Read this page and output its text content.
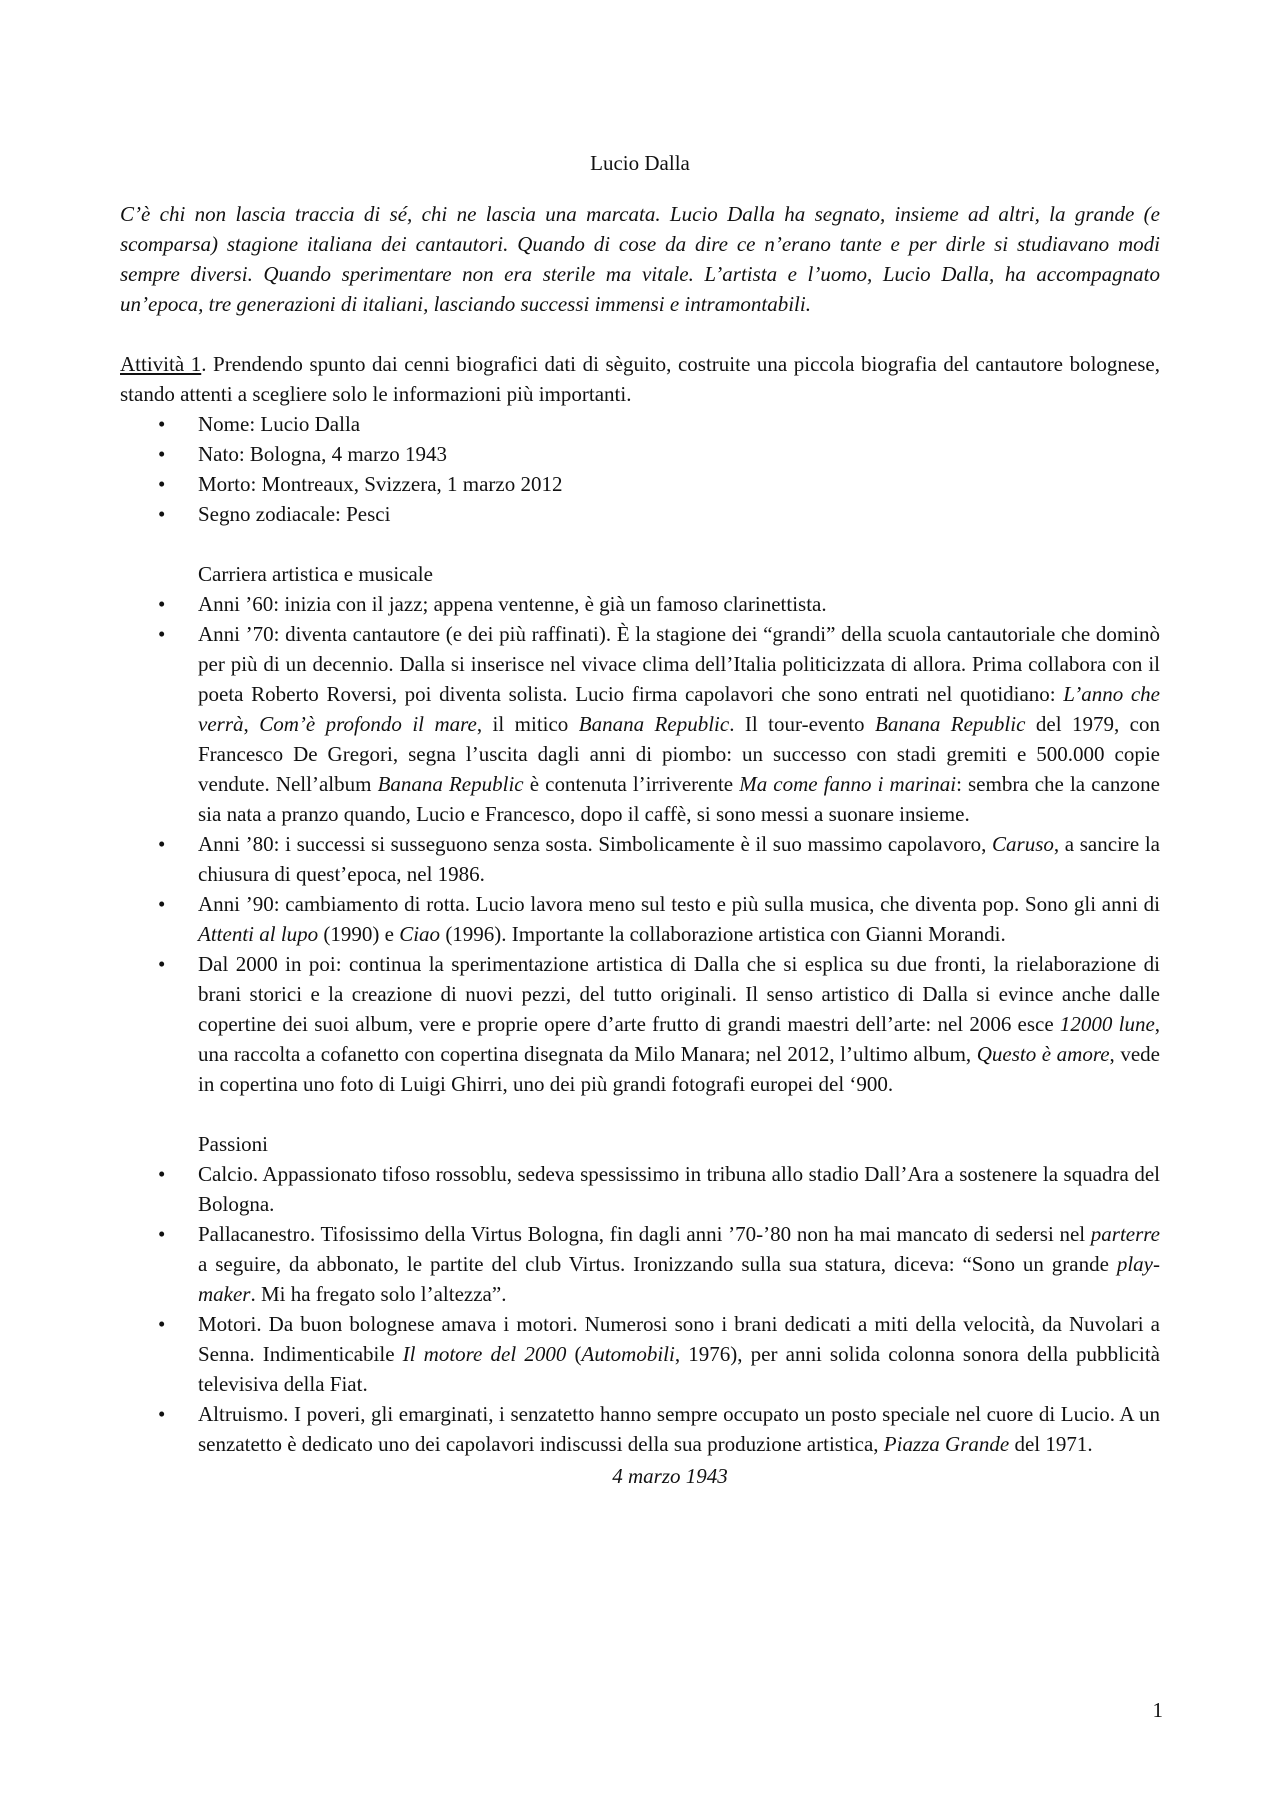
Lucio Dalla

C’è chi non lascia traccia di sé, chi ne lascia una marcata. Lucio Dalla ha segnato, insieme ad altri, la grande (e scomparsa) stagione italiana dei cantautori. Quando di cose da dire ce n’erano tante e per dirle si studiavano modi sempre diversi. Quando sperimentare non era sterile ma vitale. L’artista e l’uomo, Lucio Dalla, ha accompagnato un’epoca, tre generazioni di italiani, lasciando successi immensi e intramontabili.

Attività 1. Prendendo spunto dai cenni biografici dati di sèguito, costruite una piccola biografia del cantautore bolognese, stando attenti a scegliere solo le informazioni più importanti.
• Nome: Lucio Dalla
• Nato: Bologna, 4 marzo 1943
• Morto: Montreaux, Svizzera, 1 marzo 2012
• Segno zodiacale: Pesci
Carriera artistica e musicale
• Anni ’60: inizia con il jazz; appena ventenne, è già un famoso clarinettista.
• Anni ’70: diventa cantautore (e dei più raffinati). È la stagione dei “grandi” della scuola cantautoriale che dominò per più di un decennio. Dalla si inserisce nel vivace clima dell’Italia politicizzata di allora. Prima collabora con il poeta Roberto Roversi, poi diventa solista. Lucio firma capolavori che sono entrati nel quotidiano: L’anno che verrà, Com’è profondo il mare, il mitico Banana Republic. Il tour-evento Banana Republic del 1979, con Francesco De Gregori, segna l’uscita dagli anni di piombo: un successo con stadi gremiti e 500.000 copie vendute. Nell’album Banana Republic è contenuta l’irriverente Ma come fanno i marinai: sembra che la canzone sia nata a pranzo quando, Lucio e Francesco, dopo il caffè, si sono messi a suonare insieme.
• Anni ’80: i successi si susseguono senza sosta. Simbolicamente è il suo massimo capolavoro, Caruso, a sancire la chiusura di quest’epoca, nel 1986.
• Anni ’90: cambiamento di rotta. Lucio lavora meno sul testo e più sulla musica, che diventa pop. Sono gli anni di Attenti al lupo (1990) e Ciao (1996). Importante la collaborazione artistica con Gianni Morandi.
• Dal 2000 in poi: continua la sperimentazione artistica di Dalla che si esplica su due fronti, la rielaborazione di brani storici e la creazione di nuovi pezzi, del tutto originali. Il senso artistico di Dalla si evince anche dalle copertine dei suoi album, vere e proprie opere d’arte frutto di grandi maestri dell’arte: nel 2006 esce 12000 lune, una raccolta a cofanetto con copertina disegnata da Milo Manara; nel 2012, l’ultimo album, Questo è amore, vede in copertina uno foto di Luigi Ghirri, uno dei più grandi fotografi europei del ‘900.
Passioni
• Calcio. Appassionato tifoso rossoblu, sedeva spessissimo in tribuna allo stadio Dall’Ara a sostenere la squadra del Bologna.
• Pallacanestro. Tifosissimo della Virtus Bologna, fin dagli anni ’70-’80 non ha mai mancato di sedersi nel parterre a seguire, da abbonato, le partite del club Virtus. Ironizzando sulla sua statura, diceva: “Sono un grande play-maker. Mi ha fregato solo l’altezza”.
• Motori. Da buon bolognese amava i motori. Numerosi sono i brani dedicati a miti della velocità, da Nuvolari a Senna. Indimenticabile Il motore del 2000 (Automobili, 1976), per anni solida colonna sonora della pubblicità televisiva della Fiat.
• Altruismo. I poveri, gli emarginati, i senzatetto hanno sempre occupato un posto speciale nel cuore di Lucio. A un senzatetto è dedicato uno dei capolavori indiscussi della sua produzione artistica, Piazza Grande del 1971.
4 marzo 1943
1
